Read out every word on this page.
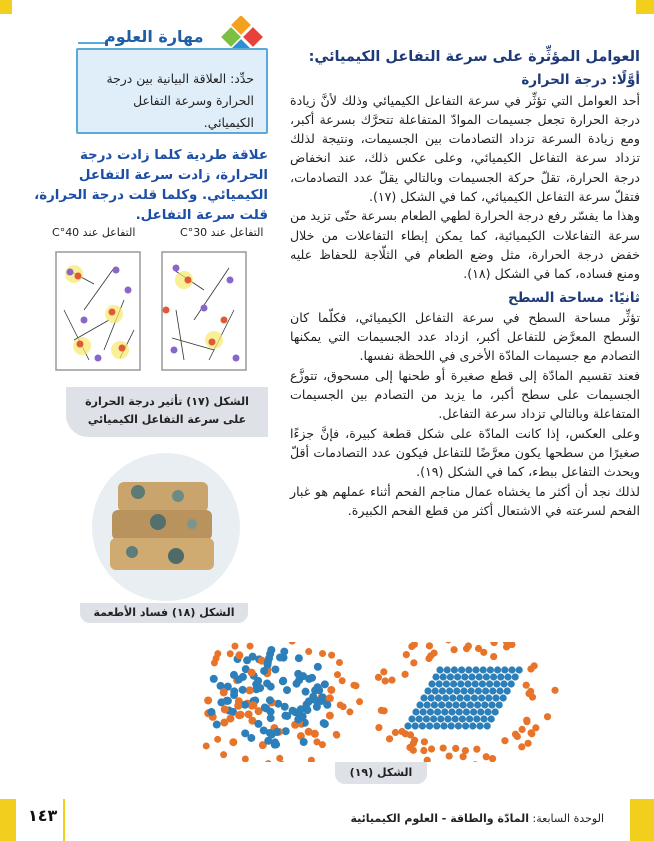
العوامل المؤثِّرة على سرعة التفاعل الكيميائي:
أوَّلًا: درجة الحرارة

أحد العوامل التي تؤثِّر في سرعة التفاعل الكيميائي وذلك لأنَّ زيادة درجة الحرارة تجعل جسيمات الموادّ المتفاعلة تتحرَّك بسرعة أكبر، ومع زيادة السرعة تزداد التصادمات بين الجسيمات، ونتيجة لذلك تزداد سرعة التفاعل الكيميائي، وعلى عكس ذلك، عند انخفاض درجة الحرارة، تقلّ حركة الجسيمات وبالتالي يقلّ عدد التصادمات، فتقلّ سرعة التفاعل الكيميائي، كما في الشكل (١٧).

وهذا ما يفسّر رفع درجة الحرارة لطهي الطعام بسرعة حتّى تزيد من سرعة التفاعلات الكيميائية، كما يمكن إبطاء التفاعلات من خلال خفض درجة الحرارة، مثل وضع الطعام في الثلّاجة للحفاظ عليه ومنع فساده، كما في الشكل (١٨).

ثانيًا: مساحة السطح

تؤثِّر مساحة السطح في سرعة التفاعل الكيميائي، فكلّما كان السطح المعرَّض للتفاعل أكبر، ازداد عدد الجسيمات التي يمكنها التصادم مع جسيمات المادّة الأخرى في اللحظة نفسها.

فعند تقسيم المادّة إلى قطع صغيرة أو طحنها إلى مسحوق، تتوزَّع الجسيمات على سطح أكبر، ما يزيد من التصادم بين الجسيمات المتفاعلة وبالتالي تزداد سرعة التفاعل.

وعلى العكس، إذا كانت المادّة على شكل قطعة كبيرة، فإنَّ جزءًا صغيرًا من سطحها يكون معرَّضًا للتفاعل فيكون عدد التصادمات أقلّ ويحدث التفاعل ببطء، كما في الشكل (١٩).

لذلك نجد أن أكثر ما يخشاه عمال مناجم الفحم أثناء عملهم هو غبار الفحم لسرعته في الاشتعال أكثر من قطع الفحم الكبيرة.

مهارة العلوم
حدِّد: العلاقة البيانية بين درجة الحرارة وسرعة التفاعل الكيميائي.
علاقة طردية كلما زادت درجة الحرارة، زادت سرعة التفاعل الكيميائي. وكلما قلت درجة الحرارة، قلت سرعة التفاعل.
التفاعل عند 30°C
التفاعل عند 40°C
الشكل (١٧) تأثير درجة الحرارة
على سرعة التفاعل الكيميائي
الشكل (١٨) فساد الأطعمة
الشكل (١٩)
١٤٣	الوحدة السابعة: المادّة والطاقة - العلوم الكيميائية
